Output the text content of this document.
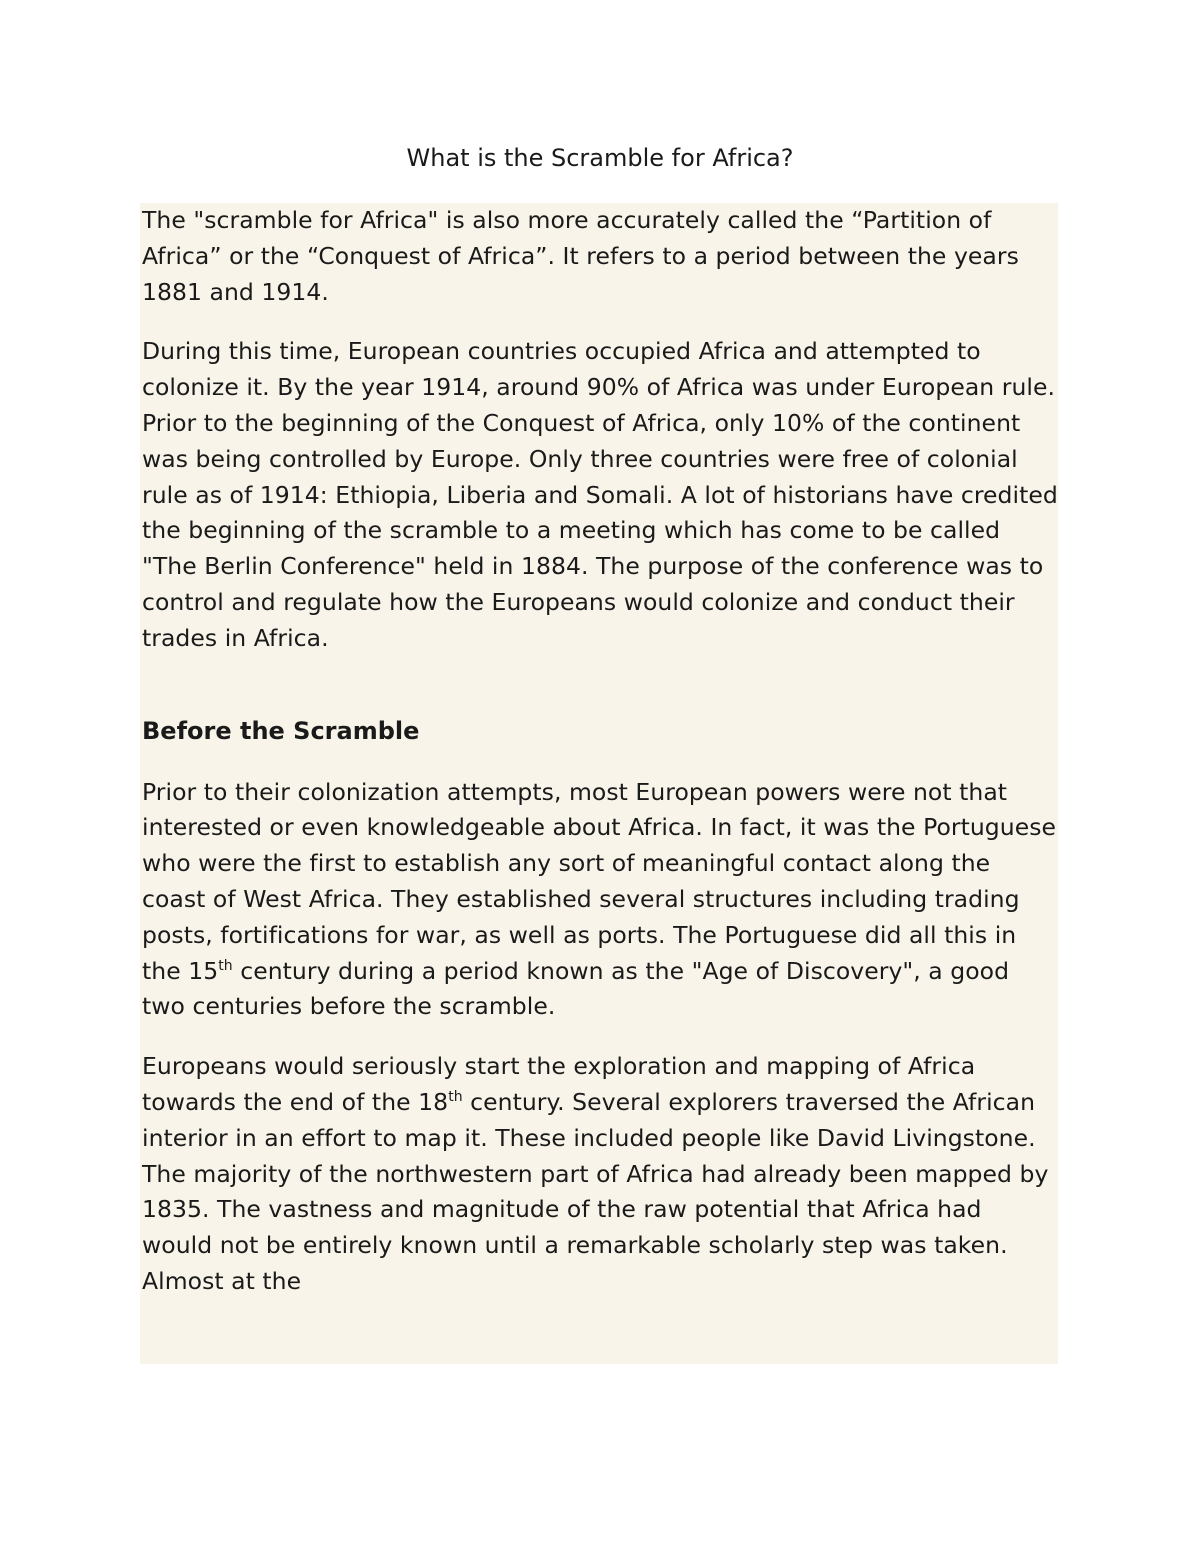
What is the Scramble for Africa?

The "scramble for Africa" is also more accurately called the “Partition of Africa” or the “Conquest of Africa”. It refers to a period between the years 1881 and 1914.

During this time, European countries occupied Africa and attempted to colonize it. By the year 1914, around 90% of Africa was under European rule. Prior to the beginning of the Conquest of Africa, only 10% of the continent was being controlled by Europe. Only three countries were free of colonial rule as of 1914: Ethiopia, Liberia and Somali. A lot of historians have credited the beginning of the scramble to a meeting which has come to be called "The Berlin Conference" held in 1884. The purpose of the conference was to control and regulate how the Europeans would colonize and conduct their trades in Africa.

Before the Scramble

Prior to their colonization attempts, most European powers were not that interested or even knowledgeable about Africa. In fact, it was the Portuguese who were the first to establish any sort of meaningful contact along the coast of West Africa. They established several structures including trading posts, fortifications for war, as well as ports. The Portuguese did all this in the 15th century during a period known as the "Age of Discovery", a good two centuries before the scramble.

Europeans would seriously start the exploration and mapping of Africa towards the end of the 18th century. Several explorers traversed the African interior in an effort to map it. These included people like David Livingstone. The majority of the northwestern part of Africa had already been mapped by 1835. The vastness and magnitude of the raw potential that Africa had would not be entirely known until a remarkable scholarly step was taken. Almost at the
